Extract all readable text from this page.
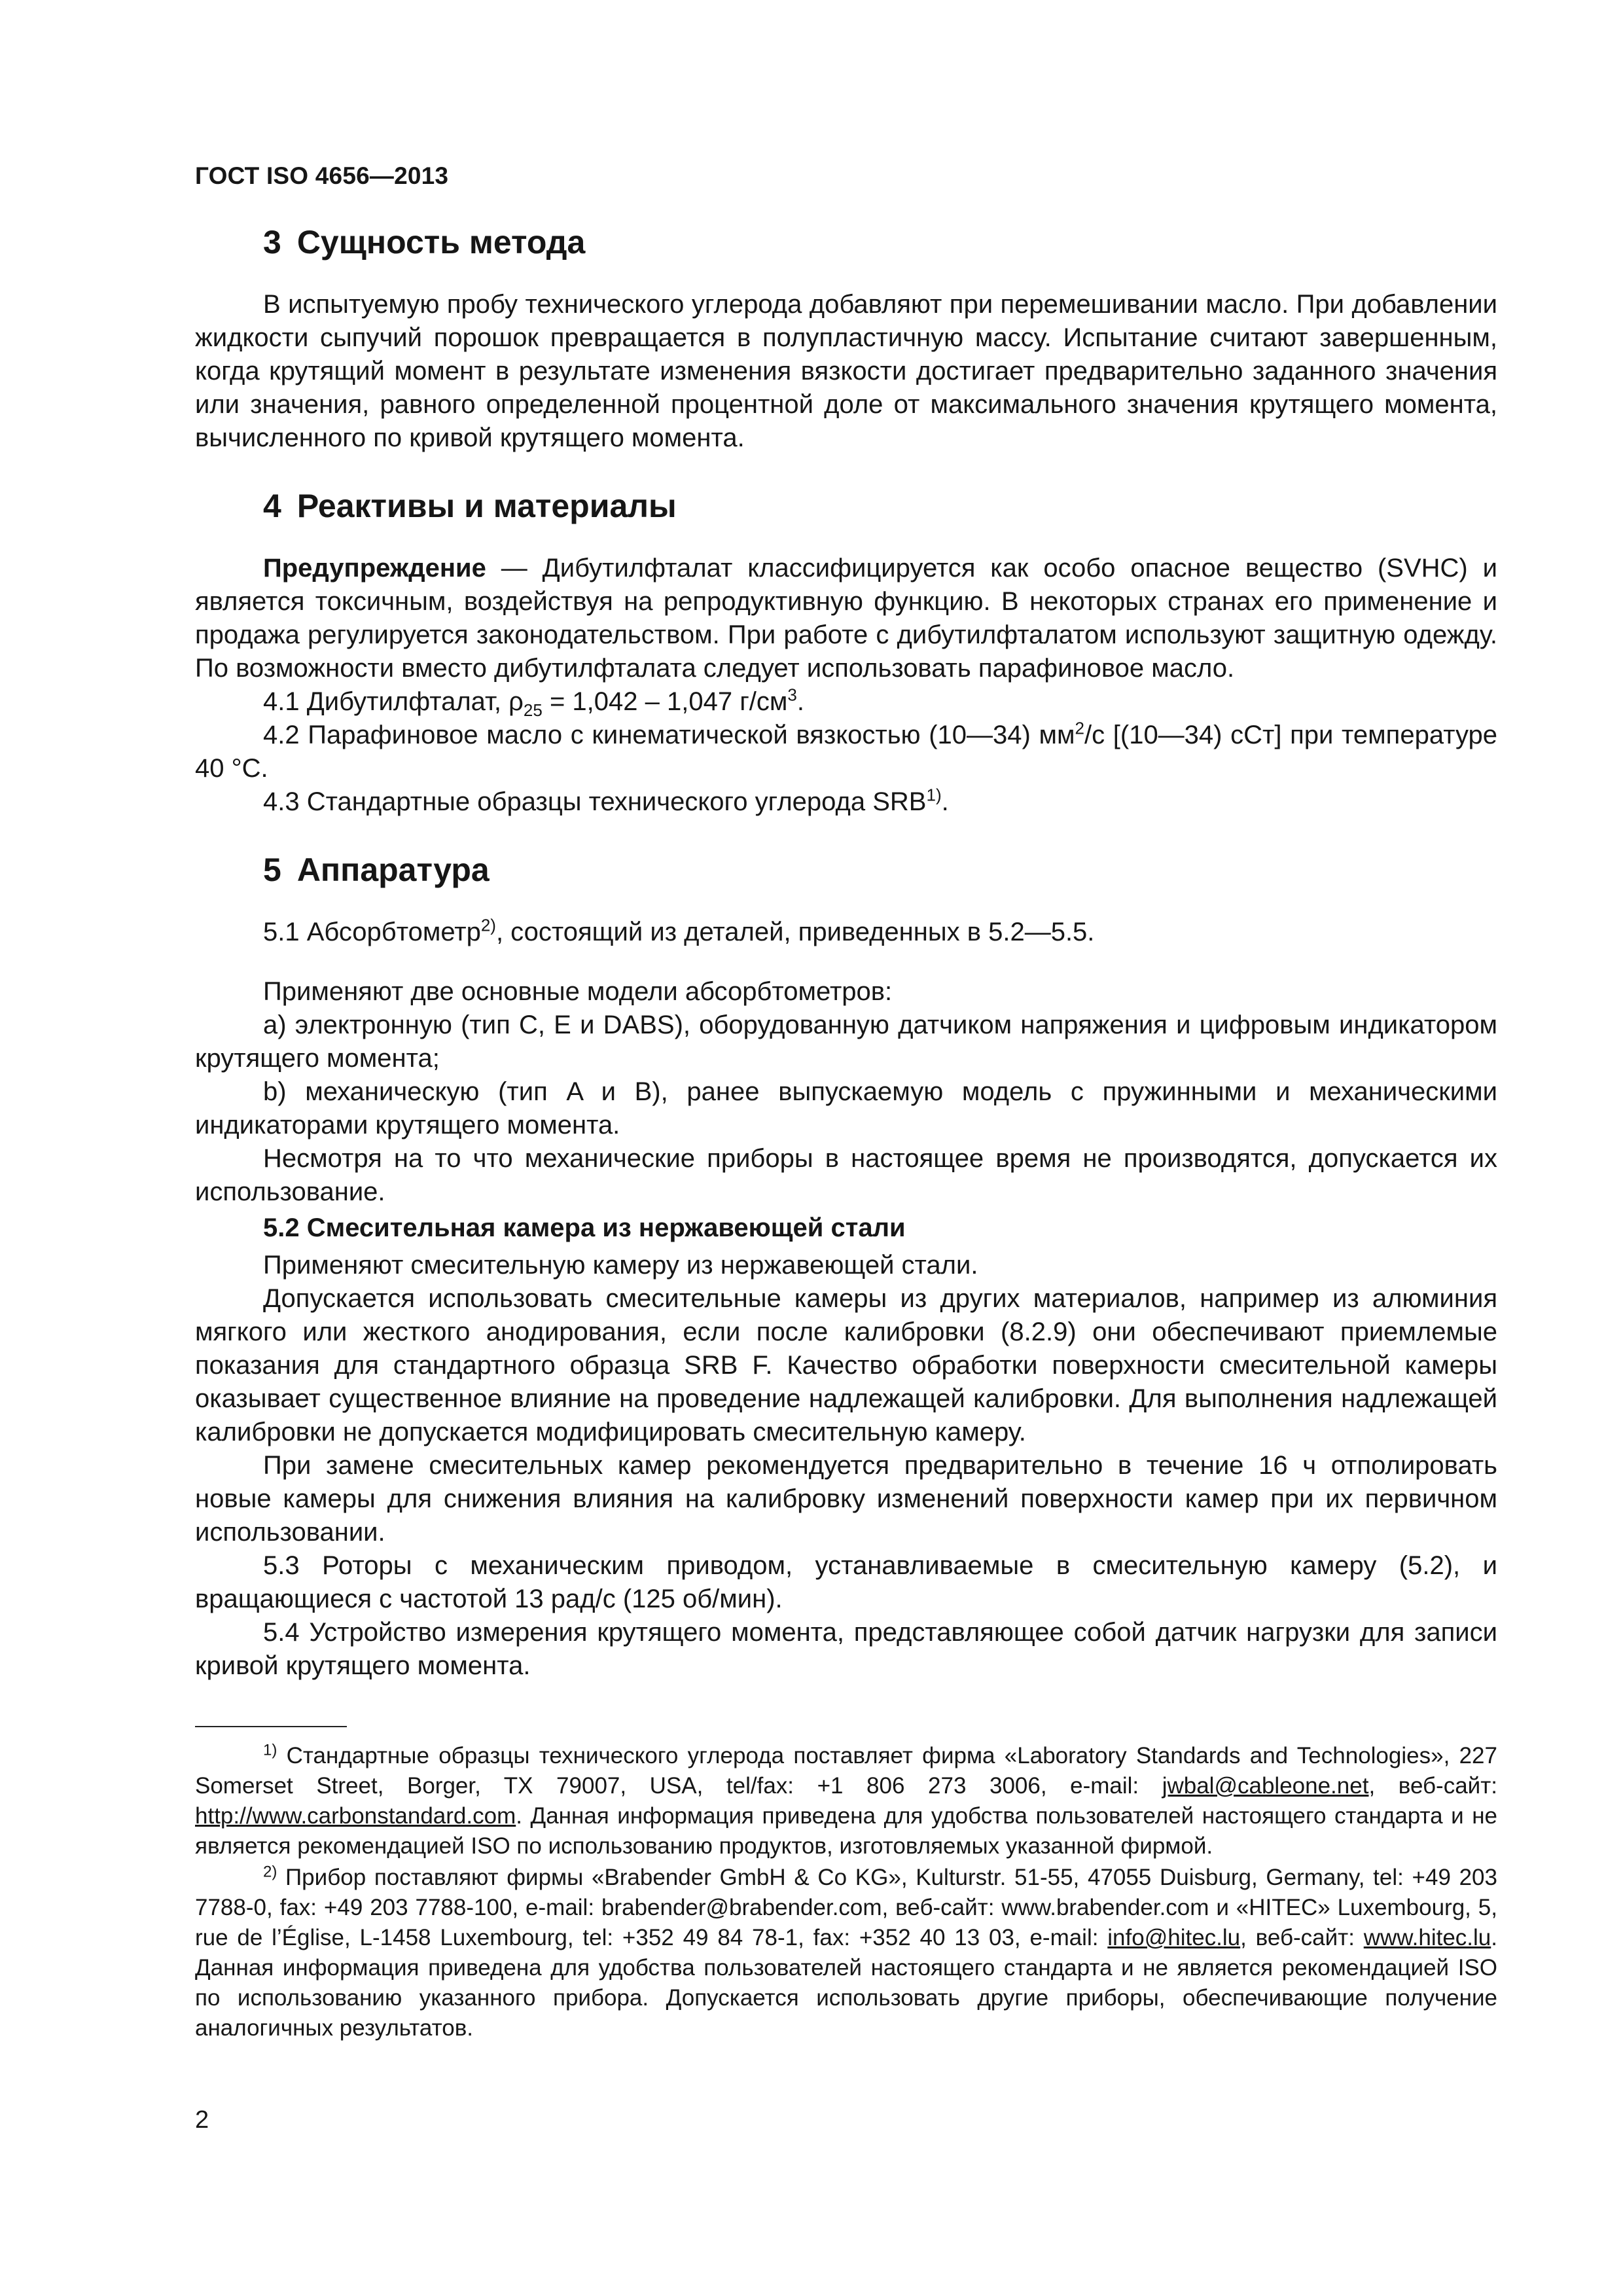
ГОСТ ISO 4656—2013
3 Сущность метода

В испытуемую пробу технического углерода добавляют при перемешивании масло. При добавлении жидкости сыпучий порошок превращается в полупластичную массу. Испытание считают завершенным, когда крутящий момент в результате изменения вязкости достигает предварительно заданного значения или значения, равного определенной процентной доле от максимального значения крутящего момента, вычисленного по кривой крутящего момента.

4 Реактивы и материалы

Предупреждение — Дибутилфталат классифицируется как особо опасное вещество (SVHC) и является токсичным, воздействуя на репродуктивную функцию. В некоторых странах его применение и продажа регулируется законодательством. При работе с дибутилфталатом используют защитную одежду. По возможности вместо дибутилфталата следует использовать парафиновое масло.

4.1 Дибутилфталат, $\rho_{25} = 1,042 - 1,047$ $г/см^3$.

4.2 Парафиновое масло с кинематической вязкостью (10—34) $мм^2/с$ [(10—34) сСт] при температуре 40 °С.

4.3 Стандартные образцы технического углерода SRB$^{1)}$.

5 Аппаратура

5.1 Абсорбтометр$^{2)}$, состоящий из деталей, приведенных в 5.2—5.5.

Применяют две основные модели абсорбтометров:

a) электронную (тип C, E и DABS), оборудованную датчиком напряжения и цифровым индикатором крутящего момента;

b) механическую (тип A и B), ранее выпускаемую модель с пружинными и механическими индикаторами крутящего момента.

Несмотря на то что механические приборы в настоящее время не производятся, допускается их использование.

5.2 Смесительная камера из нержавеющей стали

Применяют смесительную камеру из нержавеющей стали.

Допускается использовать смесительные камеры из других материалов, например из алюминия мягкого или жесткого анодирования, если после калибровки (8.2.9) они обеспечивают приемлемые показания для стандартного образца SRB F. Качество обработки поверхности смесительной камеры оказывает существенное влияние на проведение надлежащей калибровки. Для выполнения надлежащей калибровки не допускается модифицировать смесительную камеру.

При замене смесительных камер рекомендуется предварительно в течение 16 ч отполировать новые камеры для снижения влияния на калибровку изменений поверхности камер при их первичном использовании.

5.3 Роторы с механическим приводом, устанавливаемые в смесительную камеру (5.2), и вращающиеся с частотой 13 рад/с (125 об/мин).

5.4 Устройство измерения крутящего момента, представляющее собой датчик нагрузки для записи кривой крутящего момента.

$^{1)}$ Стандартные образцы технического углерода поставляет фирма «Laboratory Standards and Technologies», 227 Somerset Street, Borger, TX 79007, USA, tel/fax: +1 806 273 3006, e-mail: jwbal@cableone.net, веб-сайт: http://www.carbonstandard.com. Данная информация приведена для удобства пользователей настоящего стандарта и не является рекомендацией ISO по использованию продуктов, изготовляемых указанной фирмой.

$^{2)}$ Прибор поставляют фирмы «Brabender GmbH & Co KG», Kulturstr. 51-55, 47055 Duisburg, Germany, tel: +49 203 7788-0, fax: +49 203 7788-100, e-mail: brabender@brabender.com, веб-сайт: www.brabender.com и «HITEC» Luxembourg, 5, rue de l’Église, L-1458 Luxembourg, tel: +352 49 84 78-1, fax: +352 40 13 03, e-mail: info@hitec.lu, веб-сайт: www.hitec.lu. Данная информация приведена для удобства пользователей настоящего стандарта и не является рекомендацией ISO по использованию указанного прибора. Допускается использовать другие приборы, обеспечивающие получение аналогичных результатов.

2
